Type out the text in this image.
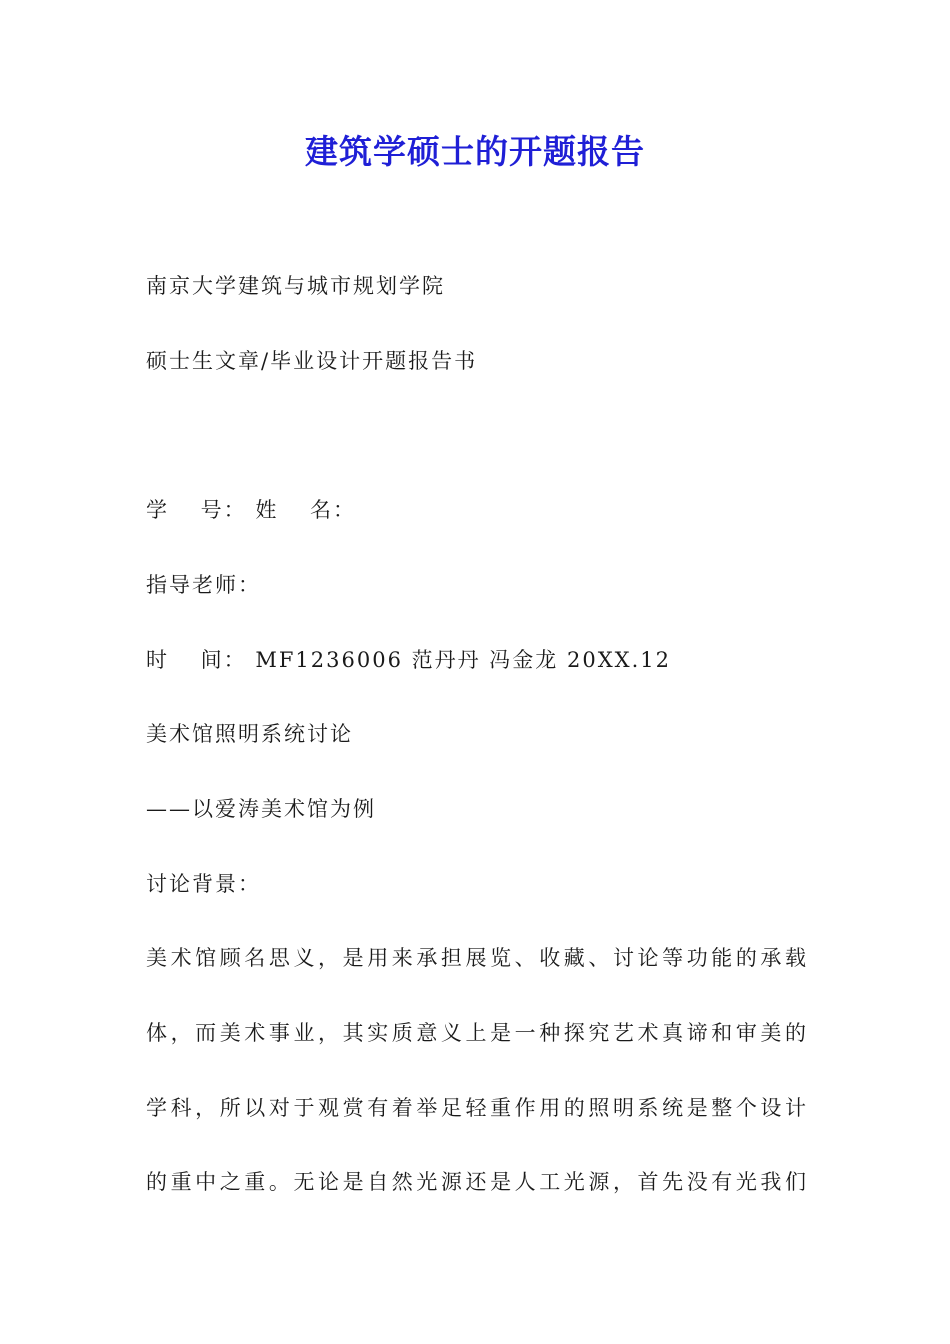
建筑学硕士的开题报告

南京大学建筑与城市规划学院

硕士生文章/毕业设计开题报告书

学　 号： 姓　 名：

指导老师：

时　 间： MF1236006 范丹丹 冯金龙 20XX.12

美术馆照明系统讨论

——以爱涛美术馆为例

讨论背景：

美术馆顾名思义，是用来承担展览、收藏、讨论等功能的承载

体，而美术事业，其实质意义上是一种探究艺术真谛和审美的

学科，所以对于观赏有着举足轻重作用的照明系统是整个设计

的重中之重。无论是自然光源还是人工光源，首先没有光我们
